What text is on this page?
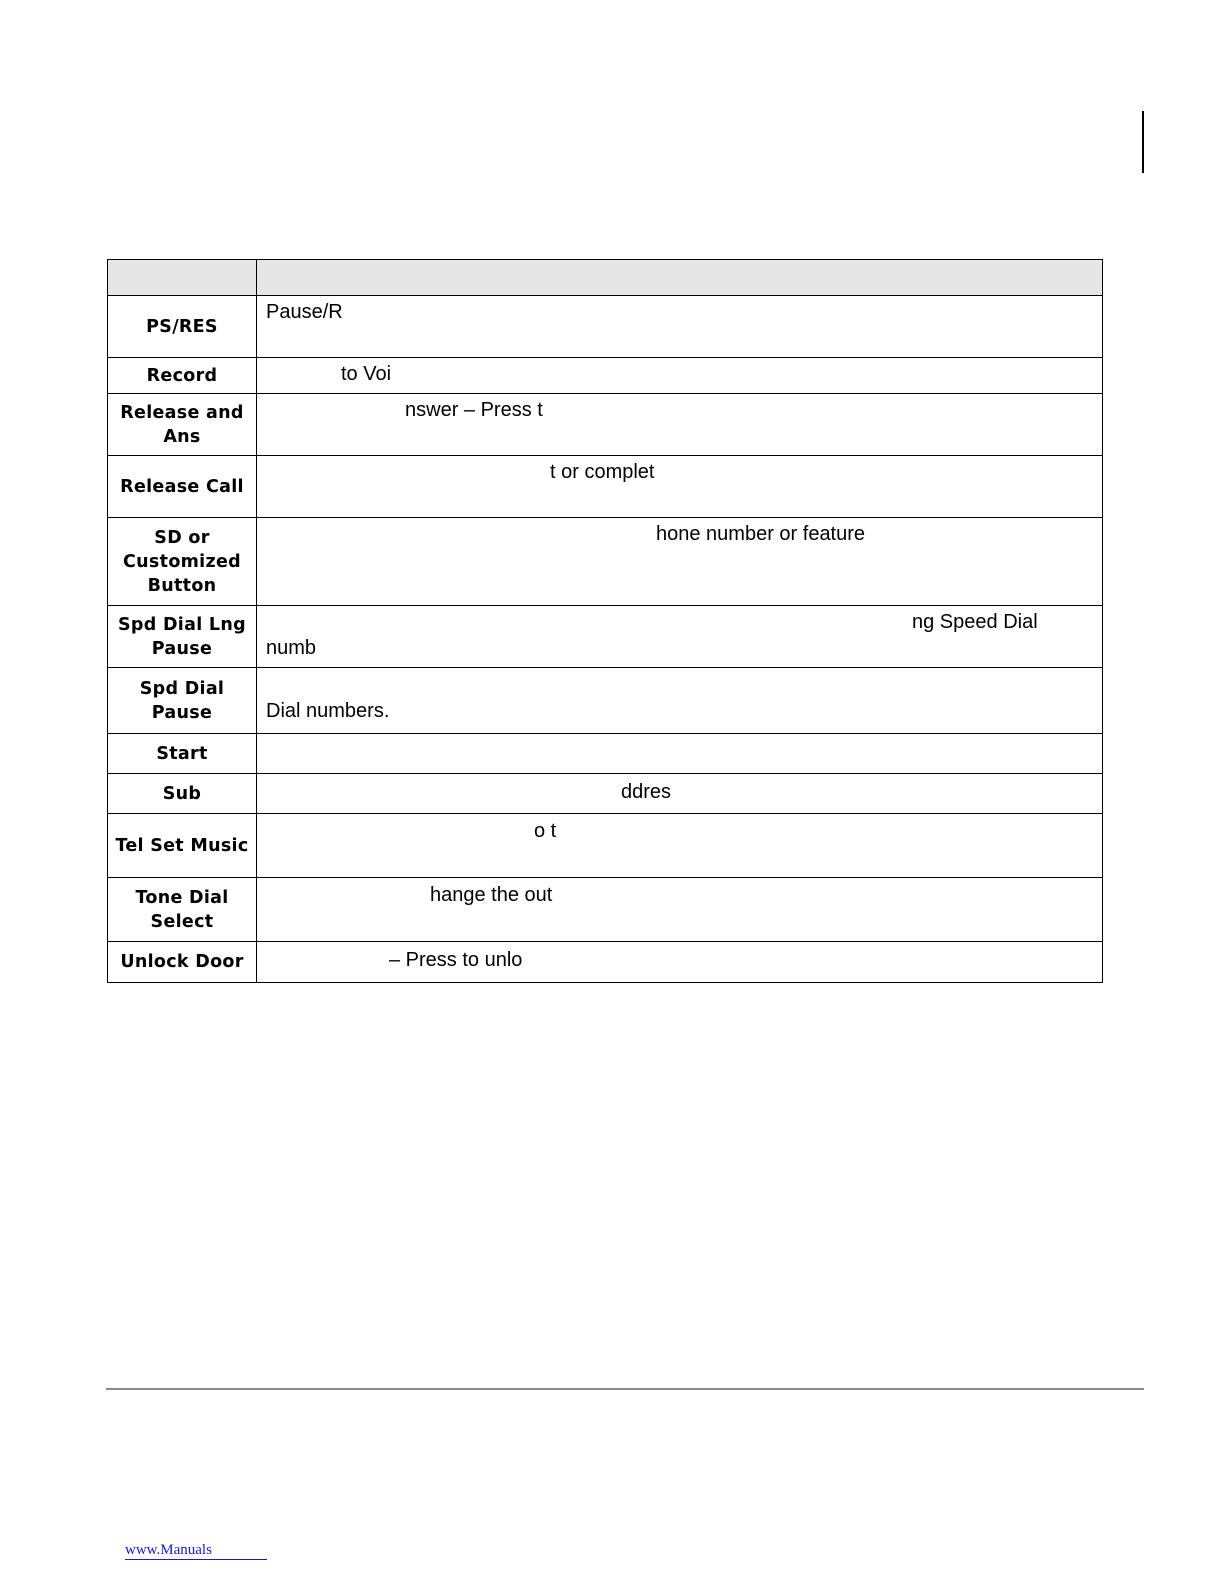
PS/RES	Pause/R

Record	to Voi

Release and Ans	nswer – Press t

Release Call	t or complet

SD or Customized Button	hone number or feature

Spd Dial Lng Pause	ng Speed Dial
numb

Spd Dial Pause	Dial numbers.

Start	
Sub	ddres

Tel Set Music	o t

Tone Dial Select	hange the out

Unlock Door	– Press to unlo
www.Manuals
